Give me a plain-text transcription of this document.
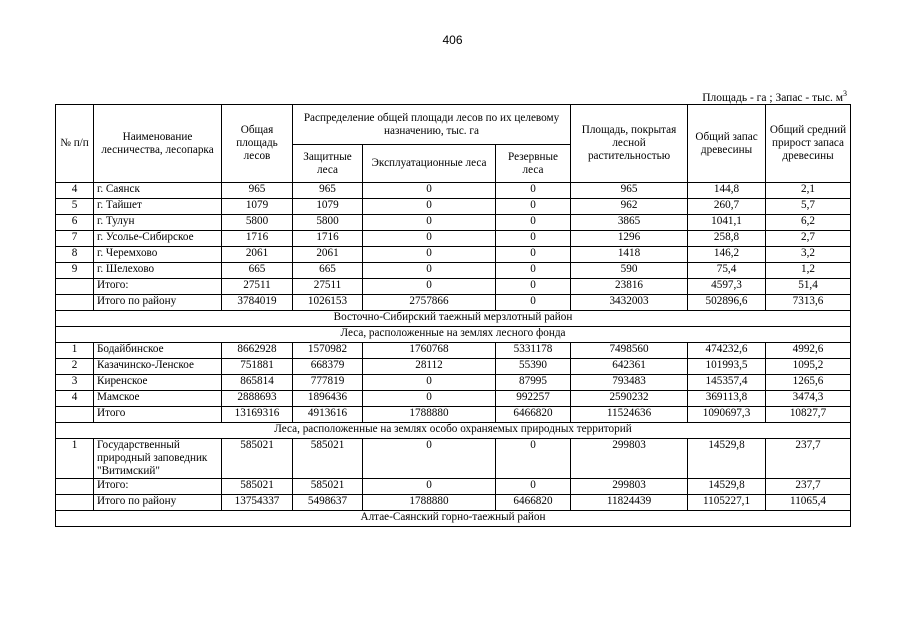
406
Площадь - га ; Запас - тыс. $м^3$
№ п/п	Наименование лесничества, лесопарка	Общая площадь лесов	Распределение общей площади лесов по их целевому назначению, тыс. га			Площадь, покрытая лесной растительностью	Общий запас древесины	Общий средний прирост запаса древесины
			Защитные леса	Эксплуатационные леса	Резервные леса			
4	г. Саянск	965	965	0	0	965	144,8	2,1
5	г. Тайшет	1079	1079	0	0	962	260,7	5,7
6	г. Тулун	5800	5800	0	0	3865	1041,1	6,2
7	г. Усолье-Сибирское	1716	1716	0	0	1296	258,8	2,7
8	г. Черемхово	2061	2061	0	0	1418	146,2	3,2
9	г. Шелехово	665	665	0	0	590	75,4	1,2
	Итого:	27511	27511	0	0	23816	4597,3	51,4
	Итого по району	3784019	1026153	2757866	0	3432003	502896,6	7313,6
Восточно-Сибирский таежный мерзлотный район								
Леса, расположенные на землях лесного фонда								
1	Бодайбинское	8662928	1570982	1760768	5331178	7498560	474232,6	4992,6
2	Казачинско-Ленское	751881	668379	28112	55390	642361	101993,5	1095,2
3	Киренское	865814	777819	0	87995	793483	145357,4	1265,6
4	Мамское	2888693	1896436	0	992257	2590232	369113,8	3474,3
	Итого	13169316	4913616	1788880	6466820	11524636	1090697,3	10827,7
Леса, расположенные на землях особо охраняемых природных территорий								
1	Государственный природный заповедник "Витимский"	585021	585021	0	0	299803	14529,8	237,7
	Итого:	585021	585021	0	0	299803	14529,8	237,7
	Итого по району	13754337	5498637	1788880	6466820	11824439	1105227,1	11065,4
Алтае-Саянский горно-таежный район								
